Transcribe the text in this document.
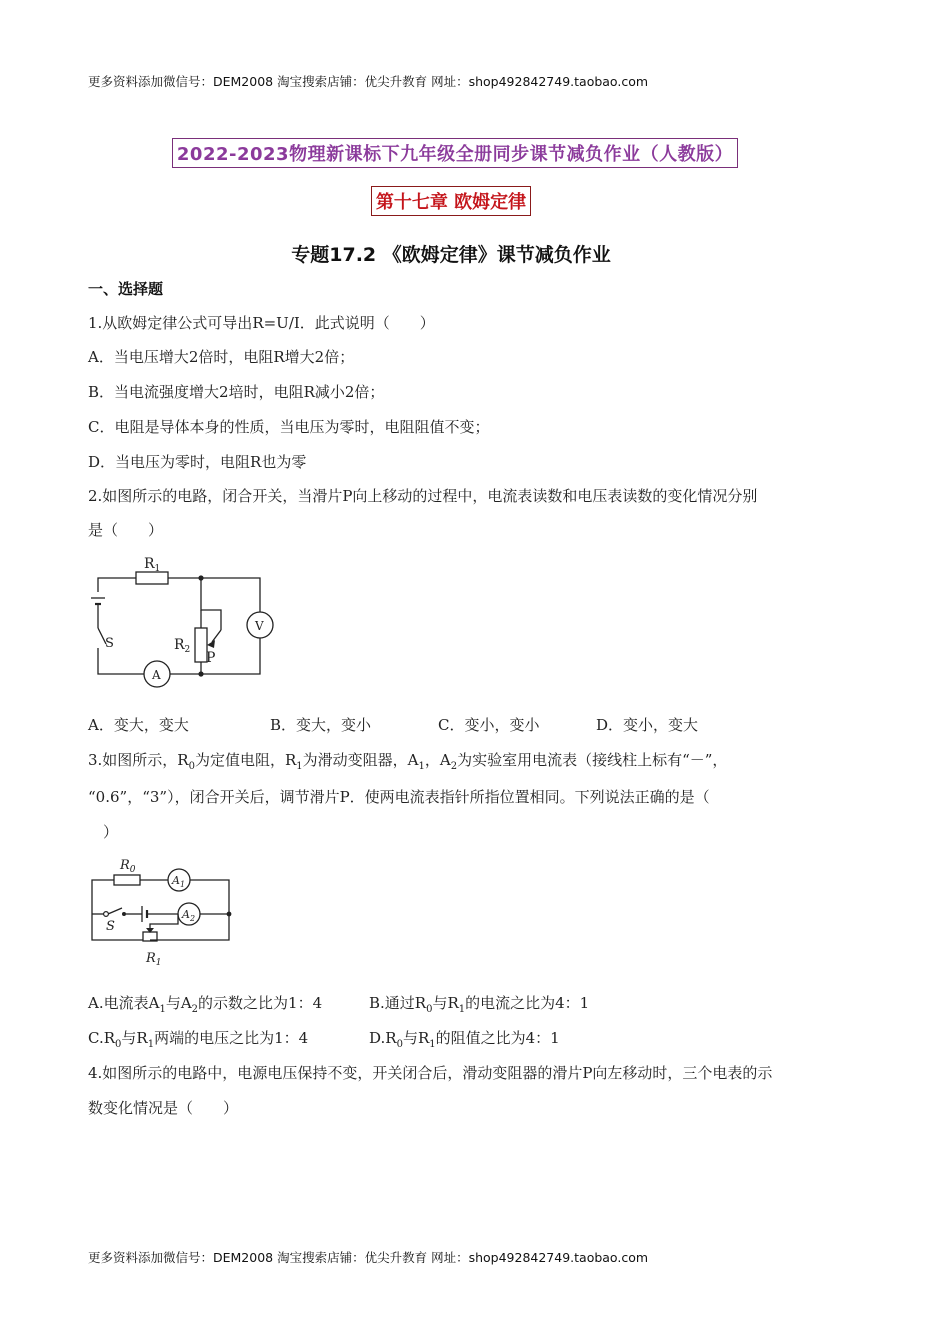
更多资料添加微信号：DEM2008 淘宝搜索店铺：优尖升教育 网址：shop492842749.taobao.com
2022-2023物理新课标下九年级全册同步课节减负作业（人教版）
第十七章 欧姆定律
专题17.2 《欧姆定律》课节减负作业
一、选择题
1.从欧姆定律公式可导出R=U/I．此式说明（　　）
A．当电压增大2倍时，电阻R增大2倍；
B．当电流强度增大2培时，电阻R减小2倍；
C．电阻是导体本身的性质，当电压为零时，电阻阻值不变；
D．当电压为零时，电阻R也为零
2.如图所示的电路，闭合开关，当滑片P向上移动的过程中，电流表读数和电压表读数的变化情况分别
是（　　）
$R_1$
$R_2$ P
S
V
A
A．变大，变大	B．变大，变小	C．变小，变小	D．变小，变大
3.如图所示，$R_0$为定值电阻，$R_1$为滑动变阻器，$A_1$，$A_2$为实验室用电流表（接线柱上标有“－”，
“0.6”，“3”），闭合开关后，调节滑片P．使两电流表指针所指位置相同。下列说法正确的是（
　）
$R_0$
$A_1$
$A_2$
S
$R_1$
A.电流表$A_1$与$A_2$的示数之比为1：4	B.通过$R_0$与$R_1$的电流之比为4：1
$C.R_0$与$R_1$两端的电压之比为1：4	$D.R_0$与$R_1$的阻值之比为4：1
4.如图所示的电路中，电源电压保持不变，开关闭合后，滑动变阻器的滑片P向左移动时，三个电表的示
数变化情况是（　　）
更多资料添加微信号：DEM2008 淘宝搜索店铺：优尖升教育 网址：shop492842749.taobao.com
